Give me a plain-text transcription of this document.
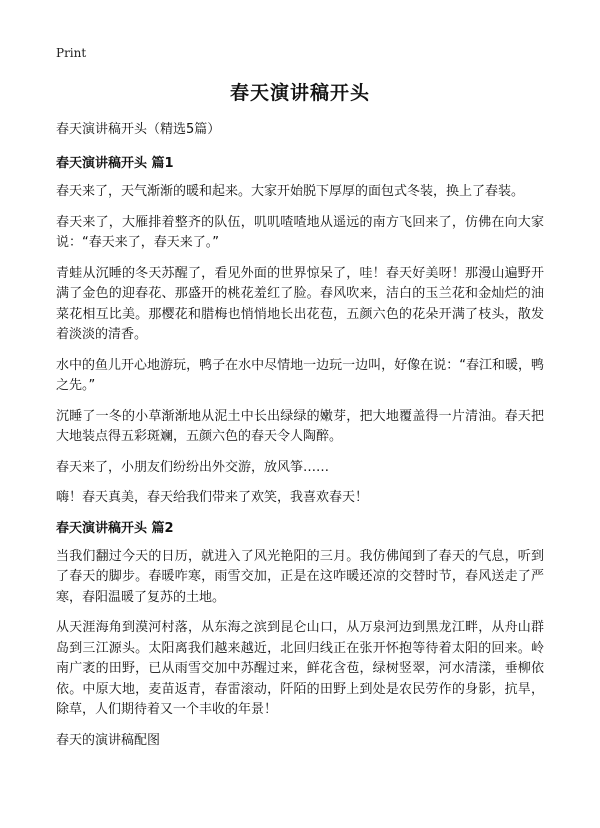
Print
春天演讲稿开头
春天演讲稿开头（精选5篇）
春天演讲稿开头 篇1

春天来了，天气渐渐的暖和起来。大家开始脱下厚厚的面包式冬装，换上了春装。

春天来了，大雁排着整齐的队伍，叽叽喳喳地从遥远的南方飞回来了，仿佛在向大家说：“春天来了，春天来了。”

青蛙从沉睡的冬天苏醒了，看见外面的世界惊呆了，哇！春天好美呀！那漫山遍野开满了金色的迎春花、那盛开的桃花羞红了脸。春风吹来，洁白的玉兰花和金灿烂的油菜花相互比美。那樱花和腊梅也悄悄地长出花苞，五颜六色的花朵开满了枝头，散发着淡淡的清香。

水中的鱼儿开心地游玩，鸭子在水中尽情地一边玩一边叫，好像在说：“春江和暖，鸭之先。”

沉睡了一冬的小草渐渐地从泥土中长出绿绿的嫩芽，把大地覆盖得一片清油。春天把大地装点得五彩斑斓，五颜六色的春天令人陶醉。

春天来了，小朋友们纷纷出外交游，放风筝……

嗨！春天真美，春天给我们带来了欢笑，我喜欢春天！

春天演讲稿开头 篇2

当我们翻过今天的日历，就进入了风光艳阳的三月。我仿佛闻到了春天的气息，听到了春天的脚步。春暖咋寒，雨雪交加，正是在这咋暖还凉的交替时节，春风送走了严寒，春阳温暖了复苏的土地。

从天涯海角到漠河村落，从东海之滨到昆仑山口，从万泉河边到黑龙江畔，从舟山群岛到三江源头。太阳离我们越来越近，北回归线正在张开怀抱等待着太阳的回来。岭南广袤的田野，已从雨雪交加中苏醒过来，鲜花含苞，绿树竖翠，河水清漾，垂柳依依。中原大地，麦苗返青，春雷滚动，阡陌的田野上到处是农民劳作的身影，抗旱，除草，人们期待着又一个丰收的年景！

春天的演讲稿配图
